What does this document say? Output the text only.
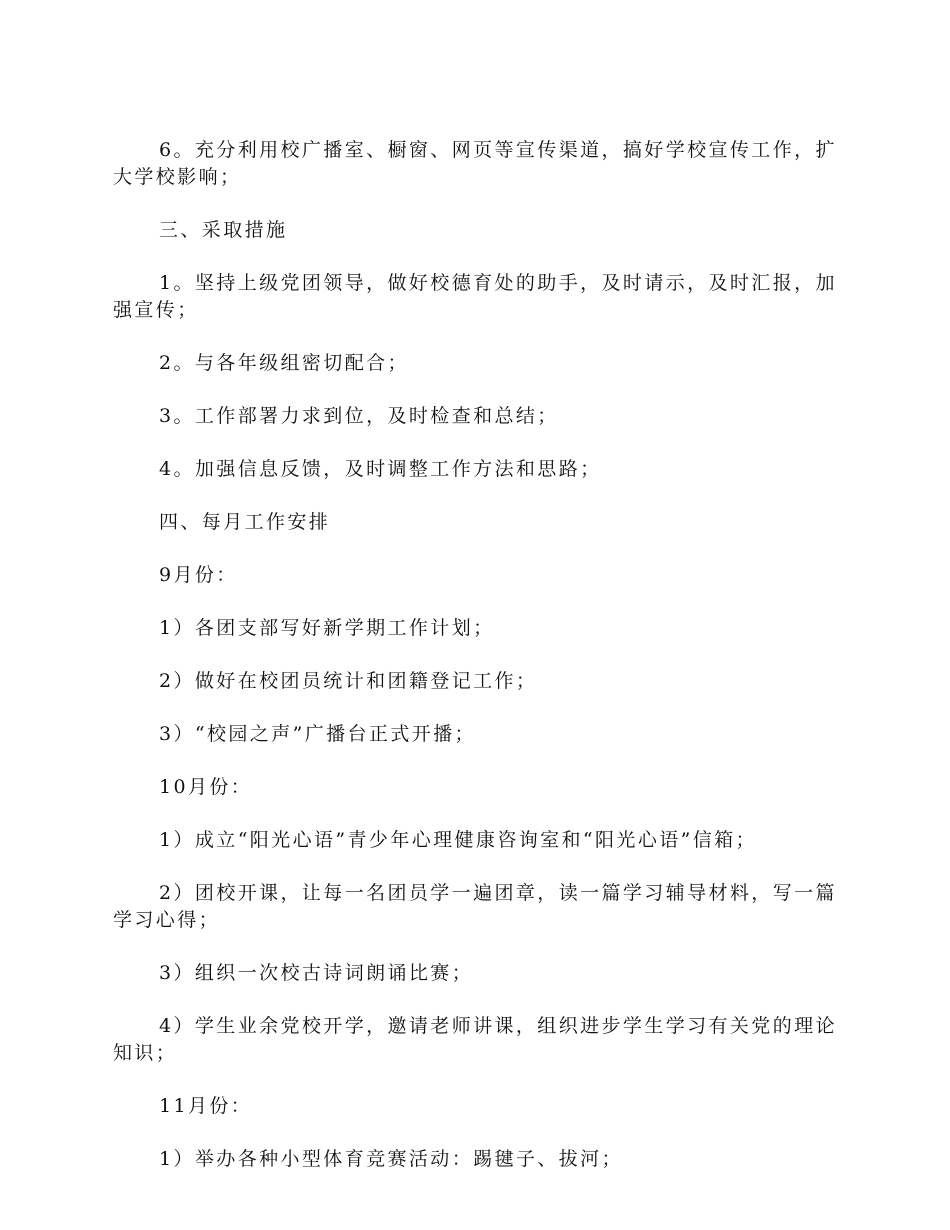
6。充分利用校广播室、橱窗、网页等宣传渠道，搞好学校宣传工作，扩大学校影响；

三、采取措施

1。坚持上级党团领导，做好校德育处的助手，及时请示，及时汇报，加强宣传；

2。与各年级组密切配合；

3。工作部署力求到位，及时检查和总结；

4。加强信息反馈，及时调整工作方法和思路；

四、每月工作安排

9月份：

1）各团支部写好新学期工作计划；

2）做好在校团员统计和团籍登记工作；

3）“校园之声”广播台正式开播；

10月份：

1）成立“阳光心语”青少年心理健康咨询室和“阳光心语”信箱；

2）团校开课，让每一名团员学一遍团章，读一篇学习辅导材料，写一篇学习心得；

3）组织一次校古诗词朗诵比赛；

4）学生业余党校开学，邀请老师讲课，组织进步学生学习有关党的理论知识；

11月份：

1）举办各种小型体育竞赛活动：踢毽子、拔河；
